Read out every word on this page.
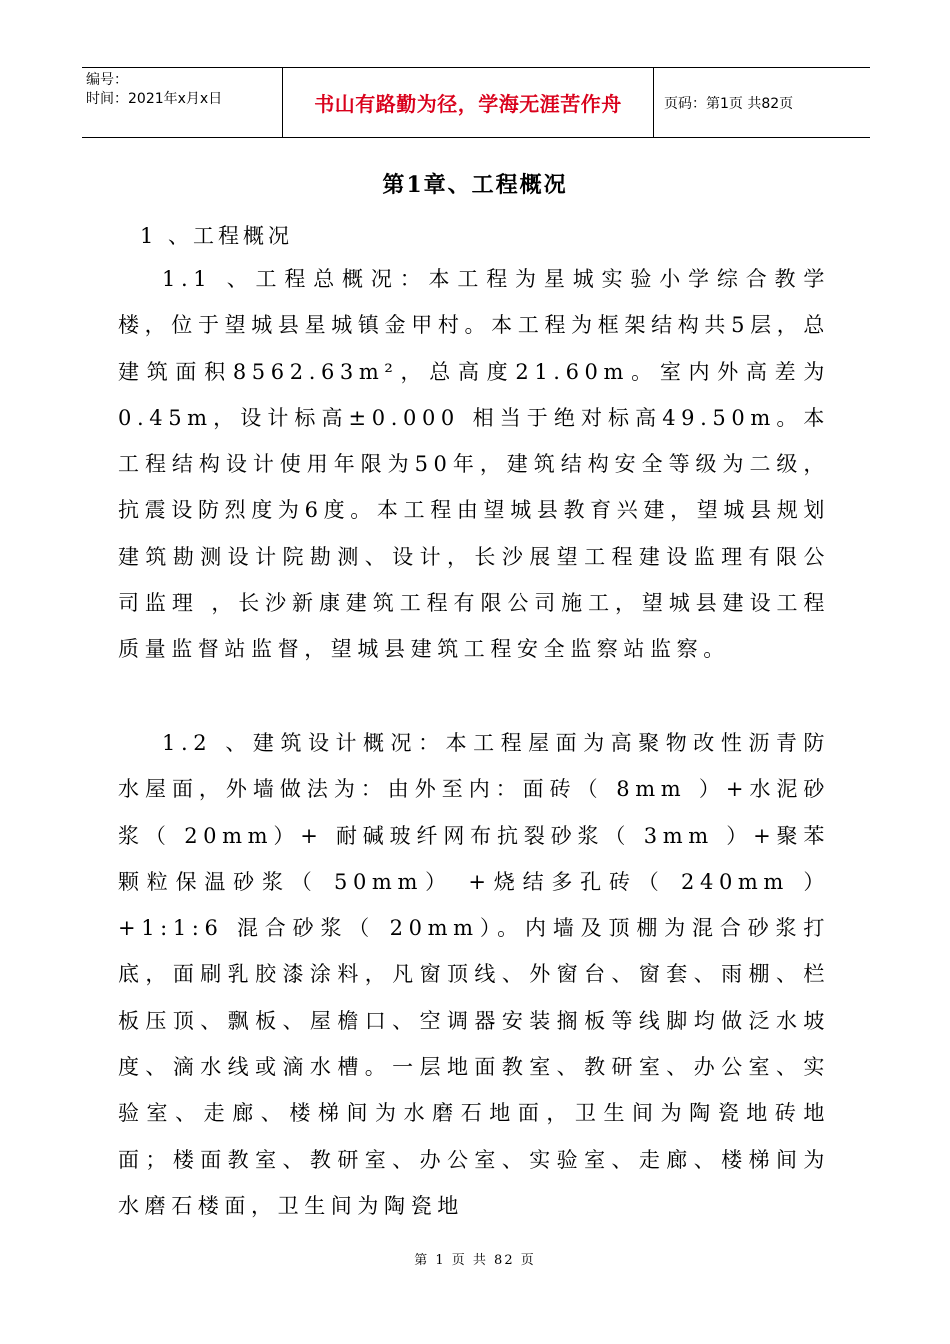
编号：
时间：2021年x月x日	书山有路勤为径，学海无涯苦作舟	页码：第1页 共82页
第1章、工程概况
1 、工程概况

1.1 、工程总概况：本工程为星城实验小学综合教学楼，位于望城县星城镇金甲村。本工程为框架结构共5层，总建筑面积8562.63m²，总高度21.60m。室内外高差为0.45m，设计标高±0.000 相当于绝对标高49.50m。本工程结构设计使用年限为50年，建筑结构安全等级为二级，抗震设防烈度为6度。本工程由望城县教育兴建，望城县规划建筑勘测设计院勘测、设计，长沙展望工程建设监理有限公司监理 ，长沙新康建筑工程有限公司施工，望城县建设工程质量监督站监督，望城县建筑工程安全监察站监察。

1.2 、建筑设计概况：本工程屋面为高聚物改性沥青防水屋面，外墙做法为：由外至内：面砖（ 8mm ）+水泥砂浆（ 20mm）+ 耐碱玻纤网布抗裂砂浆（ 3mm ）+聚苯颗粒保温砂浆（ 50mm） +烧结多孔砖（ 240mm ） +1:1:6 混合砂浆（ 20mm）。内墙及顶棚为混合砂浆打底，面刷乳胶漆涂料，凡窗顶线、外窗台、窗套、雨棚、栏板压顶、飘板、屋檐口、空调器安装搁板等线脚均做泛水坡度、滴水线或滴水槽。一层地面教室、教研室、办公室、实验室、走廊、楼梯间为水磨石地面，卫生间为陶瓷地砖地面；楼面教室、教研室、办公室、实验室、走廊、楼梯间为水磨石楼面，卫生间为陶瓷地

第 1 页 共 82 页
